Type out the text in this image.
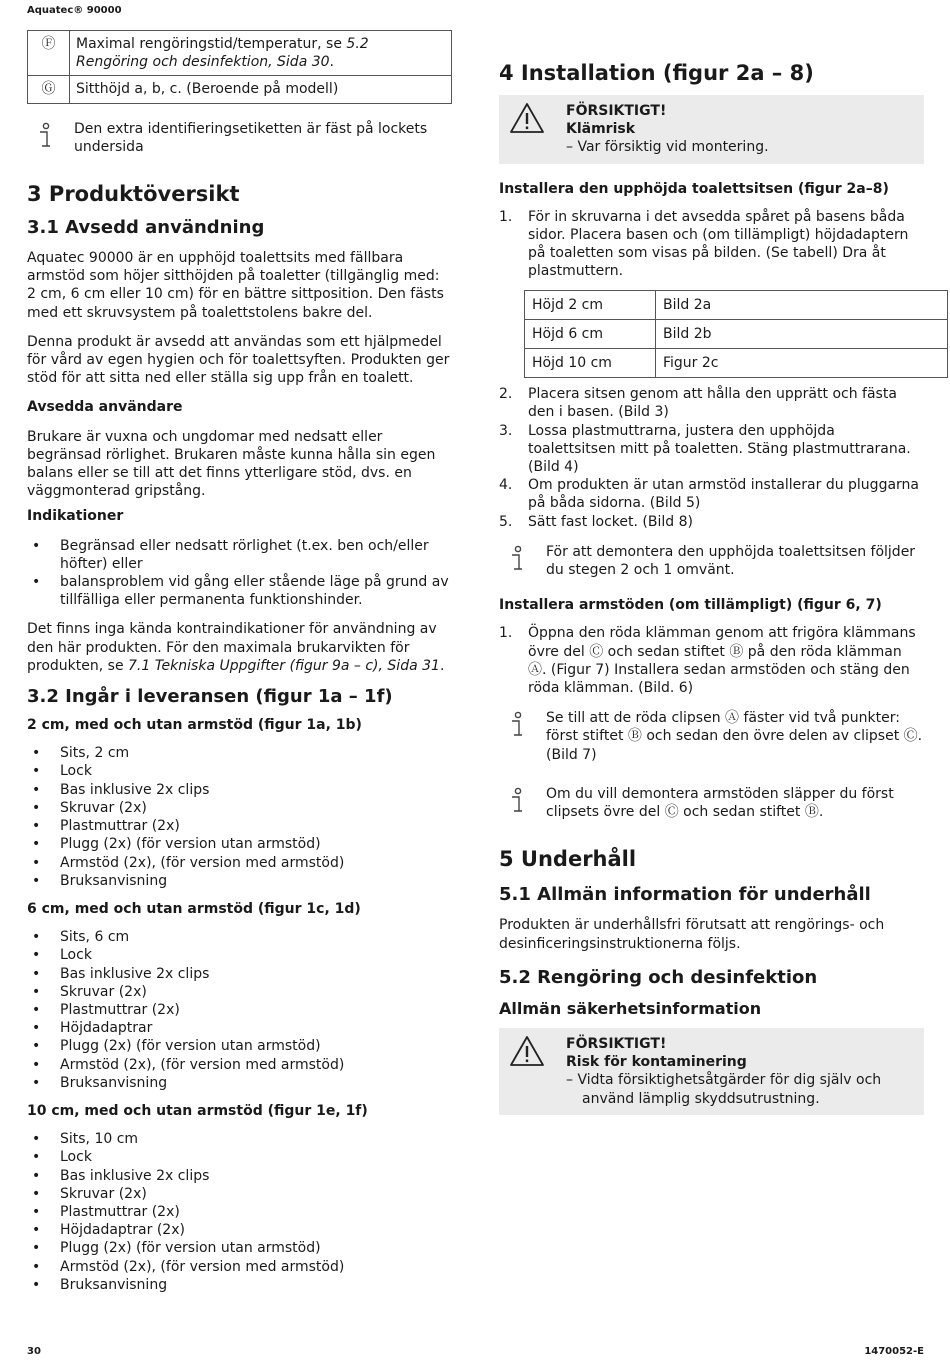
Aquatec® 90000
Ⓕ	Maximal rengöringstid/temperatur, se 5.2 Rengöring och desinfektion, Sida 30.
Ⓖ	Sitthöjd a, b, c. (Beroende på modell)

Den extra identifieringsetiketten är fäst på lockets undersida

3 Produktöversikt
3.1 Avsedd användning

Aquatec 90000 är en upphöjd toalettsits med fällbara armstöd som höjer sitthöjden på toaletter (tillgänglig med: 2 cm, 6 cm eller 10 cm) för en bättre sittposition. Den fästs med ett skruvsystem på toalettstolens bakre del.

Denna produkt är avsedd att användas som ett hjälpmedel för vård av egen hygien och för toalettsyften. Produkten ger stöd för att sitta ned eller ställa sig upp från en toalett.

Avsedda användare

Brukare är vuxna och ungdomar med nedsatt eller begränsad rörlighet. Brukaren måste kunna hålla sin egen balans eller se till att det finns ytterligare stöd, dvs. en väggmonterad gripstång.

Indikationer
• Begränsad eller nedsatt rörlighet (t.ex. ben och/eller höfter) eller
• balansproblem vid gång eller stående läge på grund av tillfälliga eller permanenta funktionshinder.

Det finns inga kända kontraindikationer för användning av den här produkten. För den maximala brukarvikten för produkten, se 7.1 Tekniska Uppgifter (figur 9a – c), Sida 31.

3.2 Ingår i leveransen (figur 1a – 1f)
2 cm, med och utan armstöd (figur 1a, 1b)
• Sits, 2 cm
• Lock
• Bas inklusive 2x clips
• Skruvar (2x)
• Plastmuttrar (2x)
• Plugg (2x) (för version utan armstöd)
• Armstöd (2x), (för version med armstöd)
• Bruksanvisning
6 cm, med och utan armstöd (figur 1c, 1d)
• Sits, 6 cm
• Lock
• Bas inklusive 2x clips
• Skruvar (2x)
• Plastmuttrar (2x)
• Höjdadaptrar
• Plugg (2x) (för version utan armstöd)
• Armstöd (2x), (för version med armstöd)
• Bruksanvisning
10 cm, med och utan armstöd (figur 1e, 1f)
• Sits, 10 cm
• Lock
• Bas inklusive 2x clips
• Skruvar (2x)
• Plastmuttrar (2x)
• Höjdadaptrar (2x)
• Plugg (2x) (för version utan armstöd)
• Armstöd (2x), (för version med armstöd)
• Bruksanvisning
4 Installation (figur 2a – 8)
FÖRSIKTIGT!
Klämrisk
– Var försiktig vid montering.
Installera den upphöjda toalettsitsen (figur 2a–8)
1. För in skruvarna i det avsedda spåret på basens båda sidor. Placera basen och (om tillämpligt) höjdadaptern på toaletten som visas på bilden. (Se tabell) Dra åt plastmuttern.
Höjd 2 cm	Bild 2a
Höjd 6 cm	Bild 2b
Höjd 10 cm	Figur 2c
2. Placera sitsen genom att hålla den upprätt och fästa den i basen. (Bild 3)
3. Lossa plastmuttrarna, justera den upphöjda toalettsitsen mitt på toaletten. Stäng plastmuttrarana. (Bild 4)
4. Om produkten är utan armstöd installerar du pluggarna på båda sidorna. (Bild 5)
5. Sätt fast locket. (Bild 8)

För att demontera den upphöjda toalettsitsen följder du stegen 2 och 1 omvänt.

Installera armstöden (om tillämpligt) (figur 6, 7)
1. Öppna den röda klämman genom att frigöra klämmans övre del Ⓒ och sedan stiftet Ⓑ på den röda klämman Ⓐ. (Figur 7) Installera sedan armstöden och stäng den röda klämman. (Bild. 6)

Se till att de röda clipsen Ⓐ fäster vid två punkter: först stiftet Ⓑ och sedan den övre delen av clipset Ⓒ. (Bild 7)

Om du vill demontera armstöden släpper du först clipsets övre del Ⓒ och sedan stiftet Ⓑ.

5 Underhåll
5.1 Allmän information för underhåll

Produkten är underhållsfri förutsatt att rengörings- och desinficeringsinstruktionerna följs.

5.2 Rengöring och desinfektion
Allmän säkerhetsinformation
FÖRSIKTIGT!
Risk för kontaminering
– Vidta försiktighetsåtgärder för dig själv och använd lämplig skyddsutrustning.
30	1470052-E
